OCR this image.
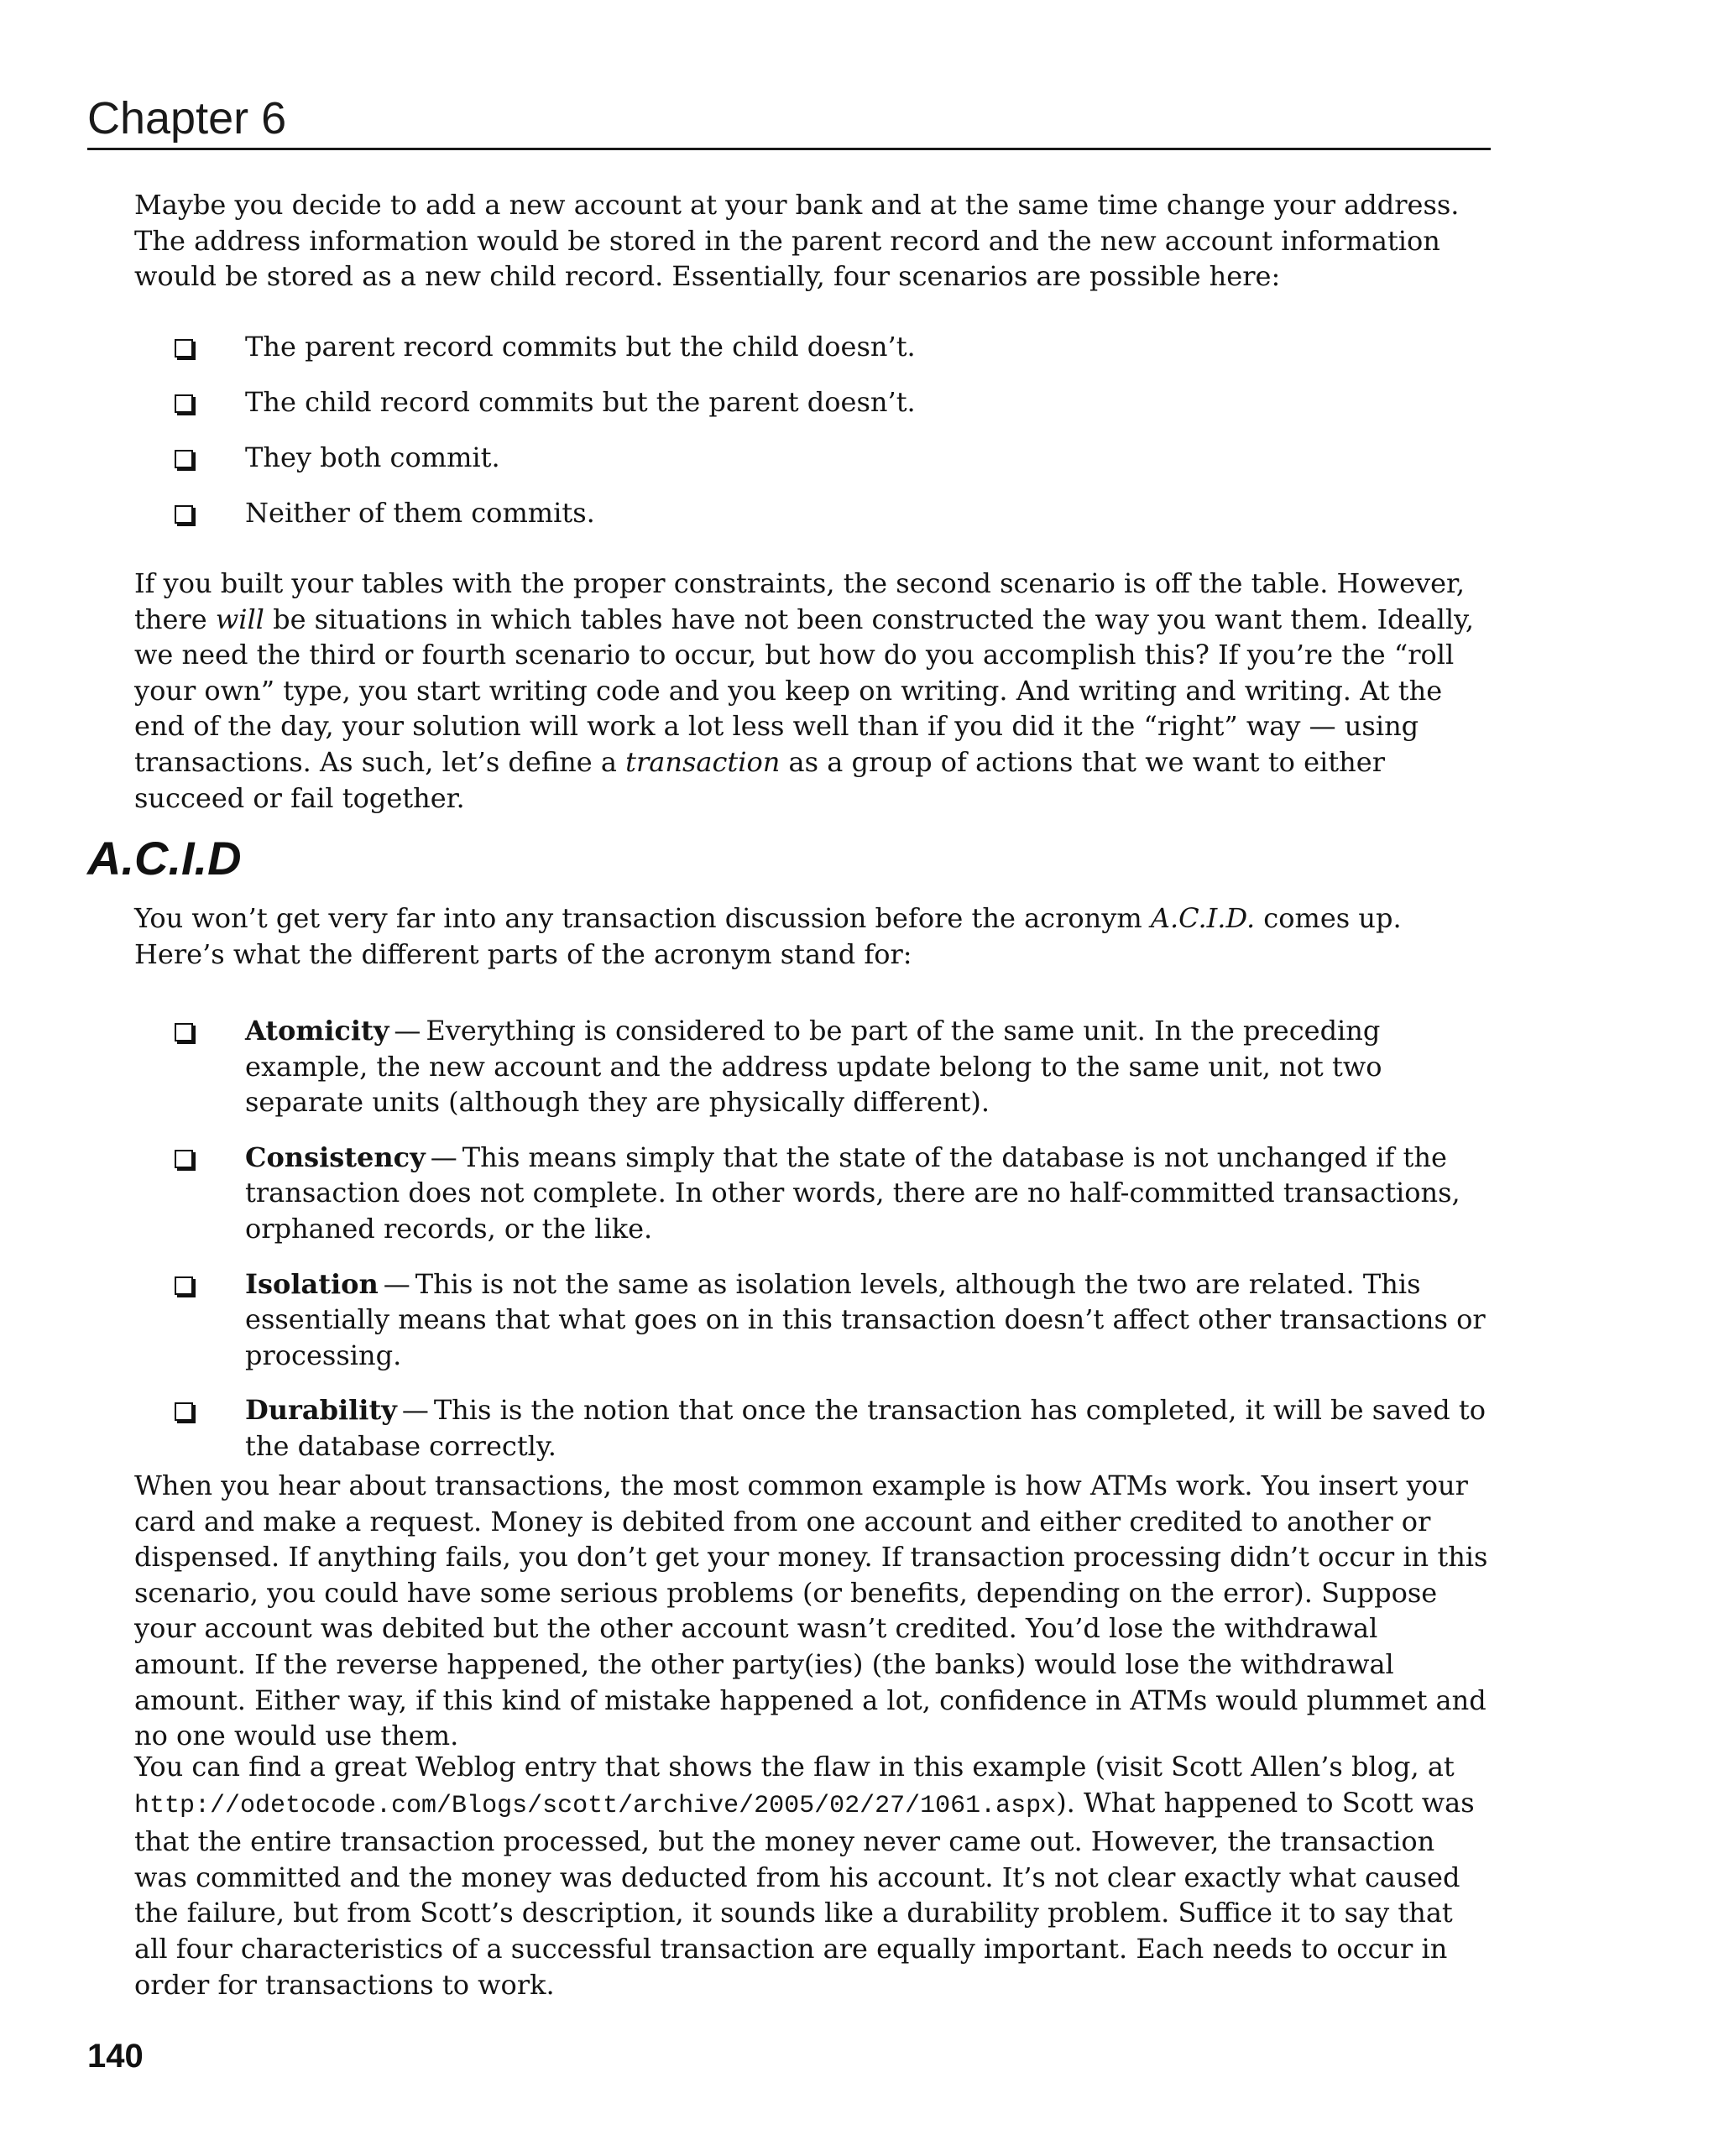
Chapter 6

Maybe you decide to add a new account at your bank and at the same time change your address. The address information would be stored in the parent record and the new account information would be stored as a new child record. Essentially, four scenarios are possible here:

The parent record commits but the child doesn’t.
The child record commits but the parent doesn’t.
They both commit.
Neither of them commits.

If you built your tables with the proper constraints, the second scenario is off the table. However, there will be situations in which tables have not been constructed the way you want them. Ideally, we need the third or fourth scenario to occur, but how do you accomplish this? If you’re the “roll your own” type, you start writing code and you keep on writing. And writing and writing. At the end of the day, your solution will work a lot less well than if you did it the “right” way — using transactions. As such, let’s define a transaction as a group of actions that we want to either succeed or fail together.

A.C.I.D

You won’t get very far into any transaction discussion before the acronym A.C.I.D. comes up. Here’s what the different parts of the acronym stand for:

Atomicity — Everything is considered to be part of the same unit. In the preceding example, the new account and the address update belong to the same unit, not two separate units (although they are physically different).
Consistency — This means simply that the state of the database is not unchanged if the transaction does not complete. In other words, there are no half-committed transactions, orphaned records, or the like.
Isolation — This is not the same as isolation levels, although the two are related. This essentially means that what goes on in this transaction doesn’t affect other transactions or processing.
Durability — This is the notion that once the transaction has completed, it will be saved to the database correctly.

When you hear about transactions, the most common example is how ATMs work. You insert your card and make a request. Money is debited from one account and either credited to another or dispensed. If anything fails, you don’t get your money. If transaction processing didn’t occur in this scenario, you could have some serious problems (or benefits, depending on the error). Suppose your account was debited but the other account wasn’t credited. You’d lose the withdrawal amount. If the reverse happened, the other party(ies) (the banks) would lose the withdrawal amount. Either way, if this kind of mistake happened a lot, confidence in ATMs would plummet and no one would use them.

You can find a great Weblog entry that shows the flaw in this example (visit Scott Allen’s blog, at http://odetocode.com/Blogs/scott/archive/2005/02/27/1061.aspx). What happened to Scott was that the entire transaction processed, but the money never came out. However, the transaction was committed and the money was deducted from his account. It’s not clear exactly what caused the failure, but from Scott’s description, it sounds like a durability problem. Suffice it to say that all four characteristics of a successful transaction are equally important. Each needs to occur in order for transactions to work.

140
